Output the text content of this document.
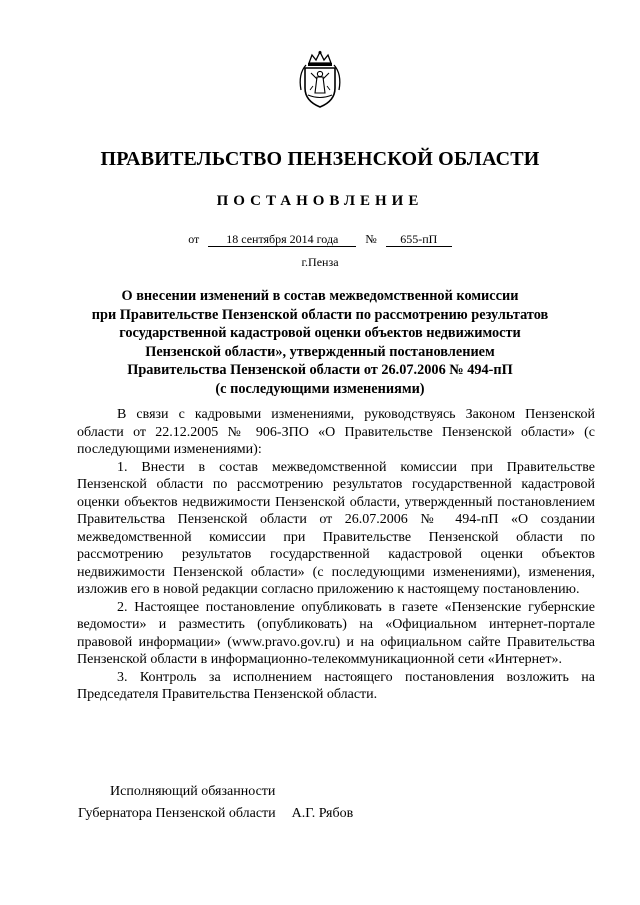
ПРАВИТЕЛЬСТВО ПЕНЗЕНСКОЙ ОБЛАСТИ
ПОСТАНОВЛЕНИЕ
от 18 сентября 2014 года № 655-пП
г.Пенза
О внесении изменений в состав межведомственной комиссии
при Правительстве Пензенской области по рассмотрению результатов
государственной кадастровой оценки объектов недвижимости
Пензенской области», утвержденный постановлением
Правительства Пензенской области от 26.07.2006 № 494-пП
(с последующими изменениями)

В связи с кадровыми изменениями, руководствуясь Законом Пензенской области от 22.12.2005 № 906-ЗПО «О Правительстве Пензенской области» (с последующими изменениями):

1. Внести в состав межведомственной комиссии при Правительстве Пензенской области по рассмотрению результатов государственной кадастровой оценки объектов недвижимости Пензенской области, утвержденный постановлением Правительства Пензенской области от 26.07.2006 № 494-пП «О создании межведомственной комиссии при Правительстве Пензенской области по рассмотрению результатов государственной кадастровой оценки объектов недвижимости Пензенской области» (с последующими изменениями), изменения, изложив его в новой редакции согласно приложению к настоящему постановлению.

2. Настоящее постановление опубликовать в газете «Пензенские губернские ведомости» и разместить (опубликовать) на «Официальном интернет-портале правовой информации» (www.pravo.gov.ru) и на официальном сайте Правительства Пензенской области в информационно-телекоммуникационной сети «Интернет».

3. Контроль за исполнением настоящего постановления возложить на Председателя Правительства Пензенской области.

Исполняющий обязанности
Губернатора Пензенской области А.Г. Рябов
